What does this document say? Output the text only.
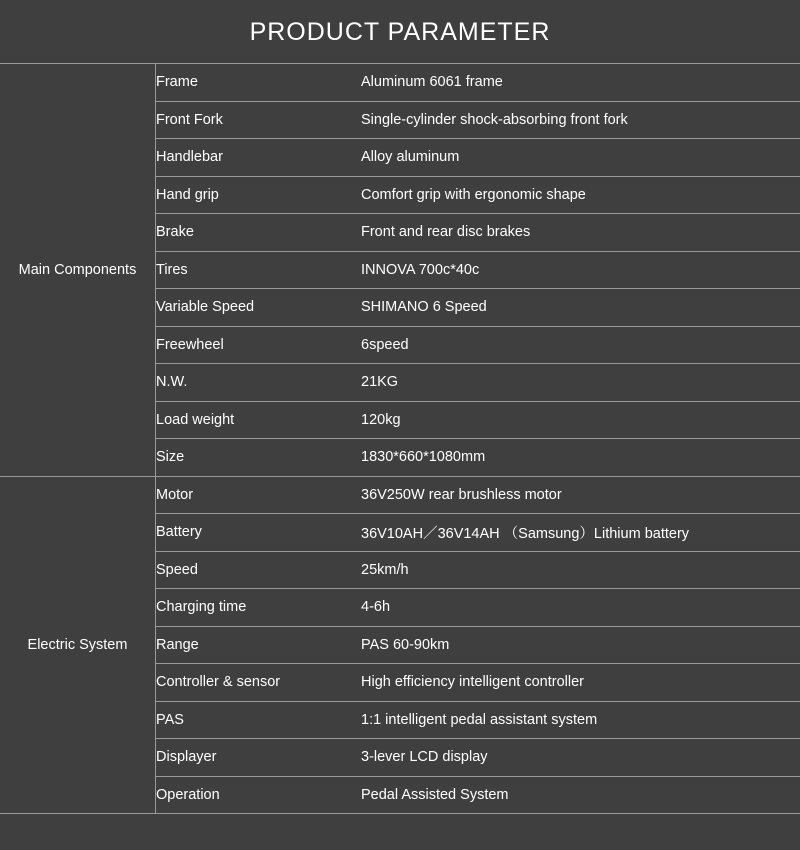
PRODUCT PARAMETER
Main Components	Frame	Aluminum 6061 frame
	Front Fork	Single-cylinder shock-absorbing front fork
	Handlebar	Alloy aluminum
	Hand grip	Comfort grip with ergonomic shape
	Brake	Front and rear disc brakes
	Tires	INNOVA 700c*40c
	Variable Speed	SHIMANO 6 Speed
	Freewheel	6speed
	N.W.	21KG
	Load weight	120kg
	Size	1830*660*1080mm
Electric System	Motor	36V250W rear brushless motor
	Battery	36V10AH／36V14AH （Samsung）Lithium battery
	Speed	25km/h
	Charging time	4-6h
	Range	PAS 60-90km
	Controller & sensor	High efficiency intelligent controller
	PAS	1:1 intelligent pedal assistant system
	Displayer	3-lever LCD display
	Operation	Pedal Assisted System
